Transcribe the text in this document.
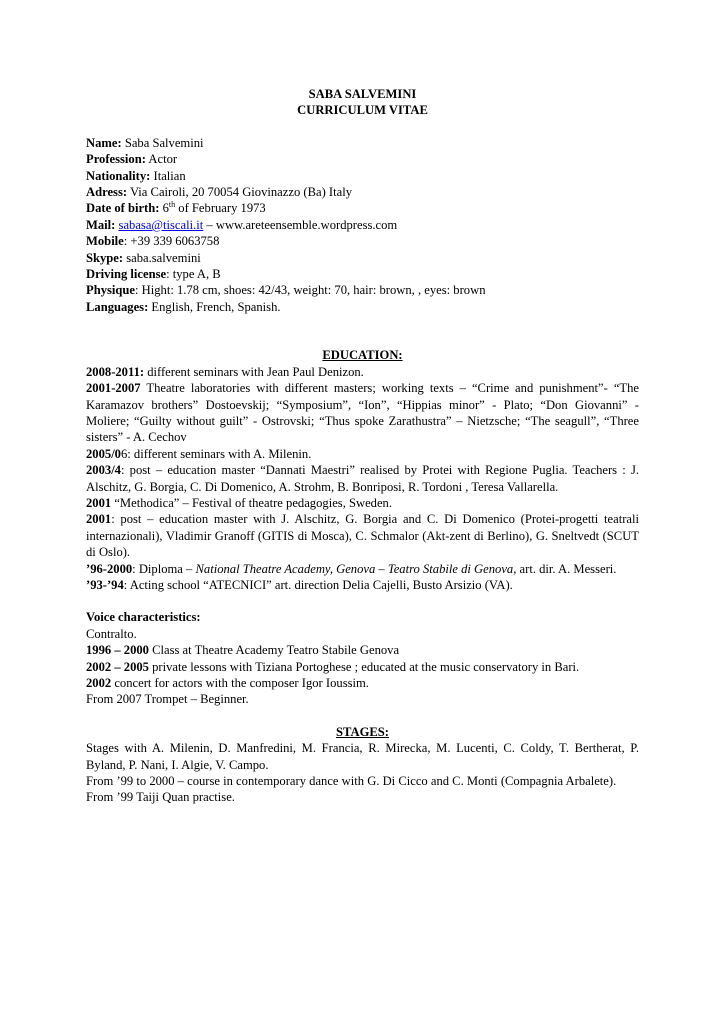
SABA SALVEMINI
CURRICULUM VITAE
Name: Saba Salvemini
Profession: Actor
Nationality: Italian
Adress: Via Cairoli, 20 70054 Giovinazzo (Ba) Italy
Date of birth: 6th of February 1973
Mail: sabasa@tiscali.it – www.areteensemble.wordpress.com
Mobile: +39 339 6063758
Skype: saba.salvemini
Driving license: type A, B
Physique: Hight: 1.78 cm, shoes: 42/43, weight: 70, hair: brown, , eyes: brown
Languages: English, French, Spanish.
EDUCATION:
2008-2011: different seminars with Jean Paul Denizon.
2001-2007 Theatre laboratories with different masters; working texts – “Crime and punishment”- “The Karamazov brothers” Dostoevskij; “Symposium”, “Ion”, “Hippias minor” - Plato; “Don Giovanni” - Moliere; “Guilty without guilt” - Ostrovski; “Thus spoke Zarathustra” – Nietzsche; “The seagull”, “Three sisters” - A. Cechov
2005/06: different seminars with A. Milenin.
2003/4: post – education master “Dannati Maestri” realised by Protei with Regione Puglia. Teachers : J. Alschitz, G. Borgia, C. Di Domenico, A. Strohm, B. Bonriposi, R. Tordoni , Teresa Vallarella.
2001 “Methodica” – Festival of theatre pedagogies, Sweden.
2001: post – education master with J. Alschitz, G. Borgia and C. Di Domenico (Protei-progetti teatrali internazionali), Vladimir Granoff (GITIS di Mosca), C. Schmalor (Akt-zent di Berlino), G. Sneltvedt (SCUT di Oslo).
’96-2000: Diploma – National Theatre Academy, Genova – Teatro Stabile di Genova, art. dir. A. Messeri.
’93-’94: Acting school “ATECNICI” art. direction Delia Cajelli, Busto Arsizio (VA).
Voice characteristics:
Contralto.
1996 – 2000 Class at Theatre Academy Teatro Stabile Genova
2002 – 2005 private lessons with Tiziana Portoghese ; educated at the music conservatory in Bari.
2002 concert for actors with the composer Igor Ioussim.
From 2007 Trompet – Beginner.
STAGES:
Stages with A. Milenin, D. Manfredini, M. Francia, R. Mirecka, M. Lucenti, C. Coldy, T. Bertherat, P. Byland, P. Nani, I. Algie, V. Campo.
From ’99 to 2000 – course in contemporary dance with G. Di Cicco and C. Monti (Compagnia Arbalete).
From ’99 Taiji Quan practise.
